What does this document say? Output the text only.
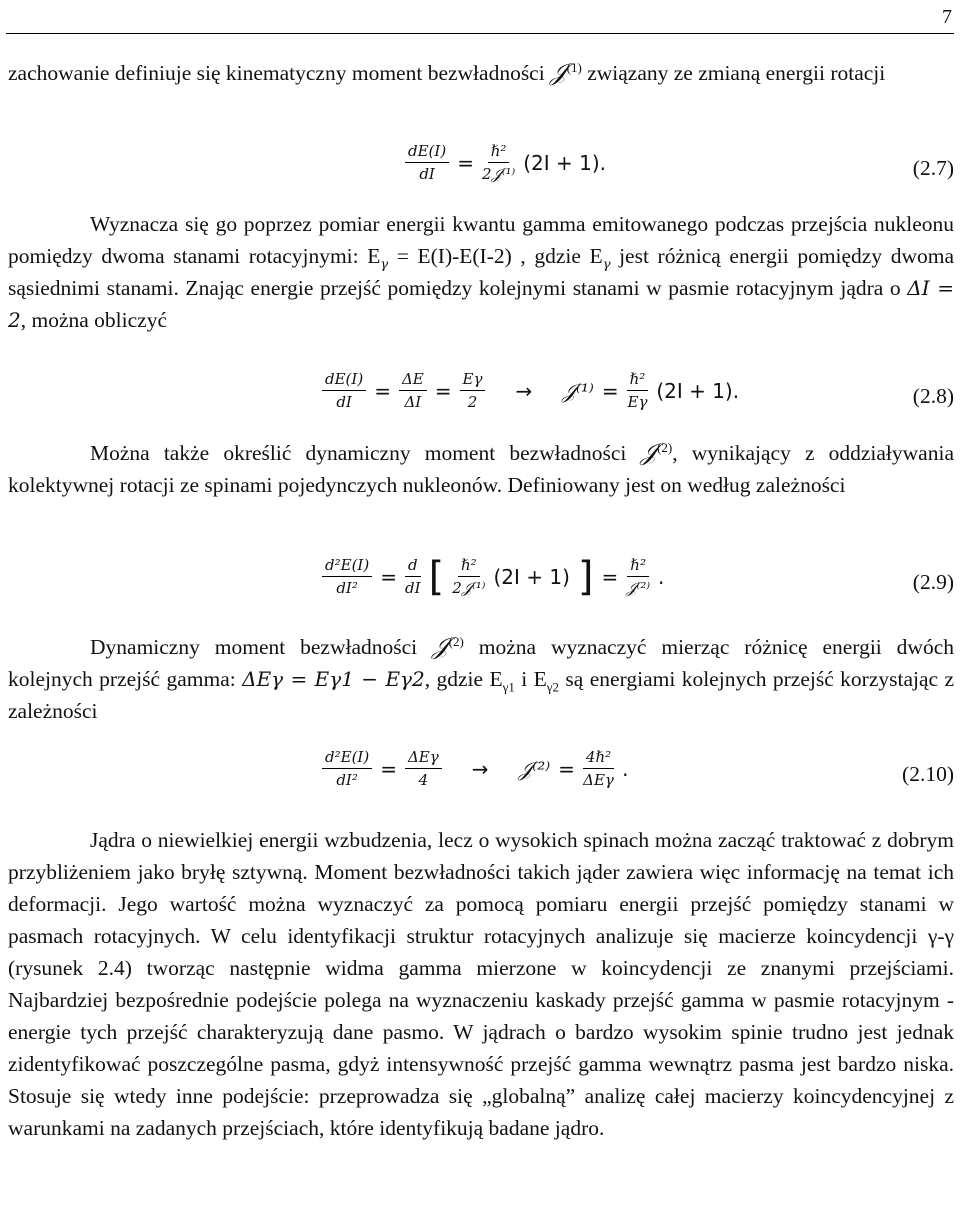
7
zachowanie definiuje się kinematyczny moment bezwładności 𝒥$^{(1)}$ związany ze zmianą energii rotacji
$\frac{dE(I)}{dI} = \frac{\text{ℏ²}}{\text{2𝒥⁽¹⁾}} (2I + 1)$.	(2.7)
Wyznacza się go poprzez pomiar energii kwantu gamma emitowanego podczas przejścia nukleonu pomiędzy dwoma stanami rotacyjnymi: $E_\gamma = E(I)-E(I-2)$ , gdzie $E_\gamma$ jest różnicą energii pomiędzy dwoma sąsiednimi stanami. Znając energie przejść pomiędzy kolejnymi stanami w pasmie rotacyjnym jądra o ΔI = 2, można obliczyć
$\frac{dE(I)}{dI} = \frac{\Delta E}{\Delta I} = \frac{E\gamma}{2}$ → 𝒥⁽¹⁾ = $\frac{\text{ℏ²}}{E\gamma} (2I + 1)$.	(2.8)
Można także określić dynamiczny moment bezwładności 𝒥$^{(2)}$, wynikający z oddziaływania kolektywnej rotacji ze spinami pojedynczych nukleonów. Definiowany jest on według zależności
$\frac{\text{d²E(I)}}{\text{dI²}} = \frac{d}{dI}$ [ $\frac{\text{ℏ²}}{\text{2𝒥⁽¹⁾}} (2I + 1)$ ] = $\frac{\text{ℏ²}}{\text{𝒥⁽²⁾}}$ .	(2.9)
Dynamiczny moment bezwładności 𝒥$^{(2)}$ można wyznaczyć mierząc różnicę energii dwóch kolejnych przejść gamma: ΔEγ = Eγ1 − Eγ2, gdzie $E_{\gamma 1}$ i $E_{\gamma 2}$ są energiami kolejnych przejść korzystając z zależności
$\frac{\text{d²E(I)}}{\text{dI²}} = \frac{\text{ΔEγ}}{4}$ → 𝒥⁽²⁾ = $\frac{\text{4ℏ²}}{\text{ΔEγ}}$ .	(2.10)
Jądra o niewielkiej energii wzbudzenia, lecz o wysokich spinach można zacząć traktować z dobrym przybliżeniem jako bryłę sztywną. Moment bezwładności takich jąder zawiera więc informację na temat ich deformacji. Jego wartość można wyznaczyć za pomocą pomiaru energii przejść pomiędzy stanami w pasmach rotacyjnych. W celu identyfikacji struktur rotacyjnych analizuje się macierze koincydencji γ-γ (rysunek 2.4) tworząc następnie widma gamma mierzone w koincydencji ze znanymi przejściami. Najbardziej bezpośrednie podejście polega na wyznaczeniu kaskady przejść gamma w pasmie rotacyjnym - energie tych przejść charakteryzują dane pasmo. W jądrach o bardzo wysokim spinie trudno jest jednak zidentyfikować poszczególne pasma, gdyż intensywność przejść gamma wewnątrz pasma jest bardzo niska. Stosuje się wtedy inne podejście: przeprowadza się „globalną” analizę całej macierzy koincydencyjnej z warunkami na zadanych przejściach, które identyfikują badane jądro.
